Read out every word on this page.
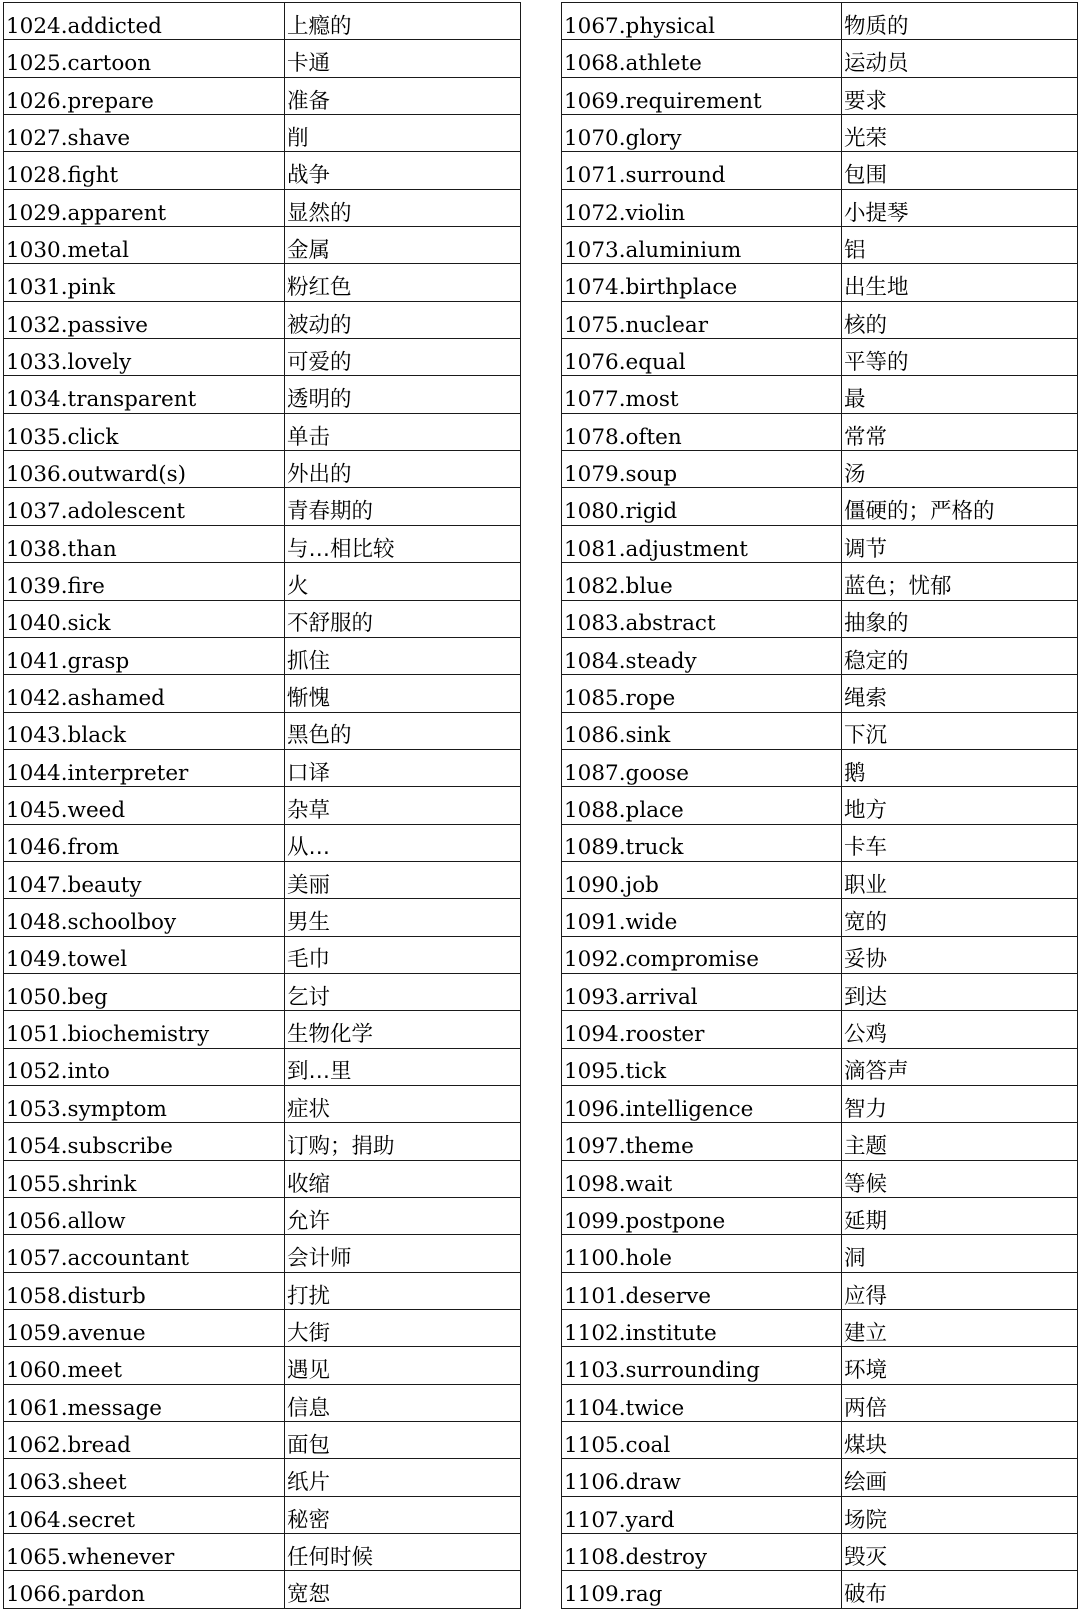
1024.addicted	上瘾的
1025.cartoon	卡通
1026.prepare	准备
1027.shave	削
1028.fight	战争
1029.apparent	显然的
1030.metal	金属
1031.pink	粉红色
1032.passive	被动的
1033.lovely	可爱的
1034.transparent	透明的
1035.click	单击
1036.outward(s)	外出的
1037.adolescent	青春期的
1038.than	与…相比较
1039.fire	火
1040.sick	不舒服的
1041.grasp	抓住
1042.ashamed	惭愧
1043.black	黑色的
1044.interpreter	口译
1045.weed	杂草
1046.from	从…
1047.beauty	美丽
1048.schoolboy	男生
1049.towel	毛巾
1050.beg	乞讨
1051.biochemistry	生物化学
1052.into	到…里
1053.symptom	症状
1054.subscribe	订购；捐助
1055.shrink	收缩
1056.allow	允许
1057.accountant	会计师
1058.disturb	打扰
1059.avenue	大街
1060.meet	遇见
1061.message	信息
1062.bread	面包
1063.sheet	纸片
1064.secret	秘密
1065.whenever	任何时候
1066.pardon	宽恕
1067.physical	物质的
1068.athlete	运动员
1069.requirement	要求
1070.glory	光荣
1071.surround	包围
1072.violin	小提琴
1073.aluminium	铝
1074.birthplace	出生地
1075.nuclear	核的
1076.equal	平等的
1077.most	最
1078.often	常常
1079.soup	汤
1080.rigid	僵硬的；严格的
1081.adjustment	调节
1082.blue	蓝色；忧郁
1083.abstract	抽象的
1084.steady	稳定的
1085.rope	绳索
1086.sink	下沉
1087.goose	鹅
1088.place	地方
1089.truck	卡车
1090.job	职业
1091.wide	宽的
1092.compromise	妥协
1093.arrival	到达
1094.rooster	公鸡
1095.tick	滴答声
1096.intelligence	智力
1097.theme	主题
1098.wait	等候
1099.postpone	延期
1100.hole	洞
1101.deserve	应得
1102.institute	建立
1103.surrounding	环境
1104.twice	两倍
1105.coal	煤块
1106.draw	绘画
1107.yard	场院
1108.destroy	毁灭
1109.rag	破布
